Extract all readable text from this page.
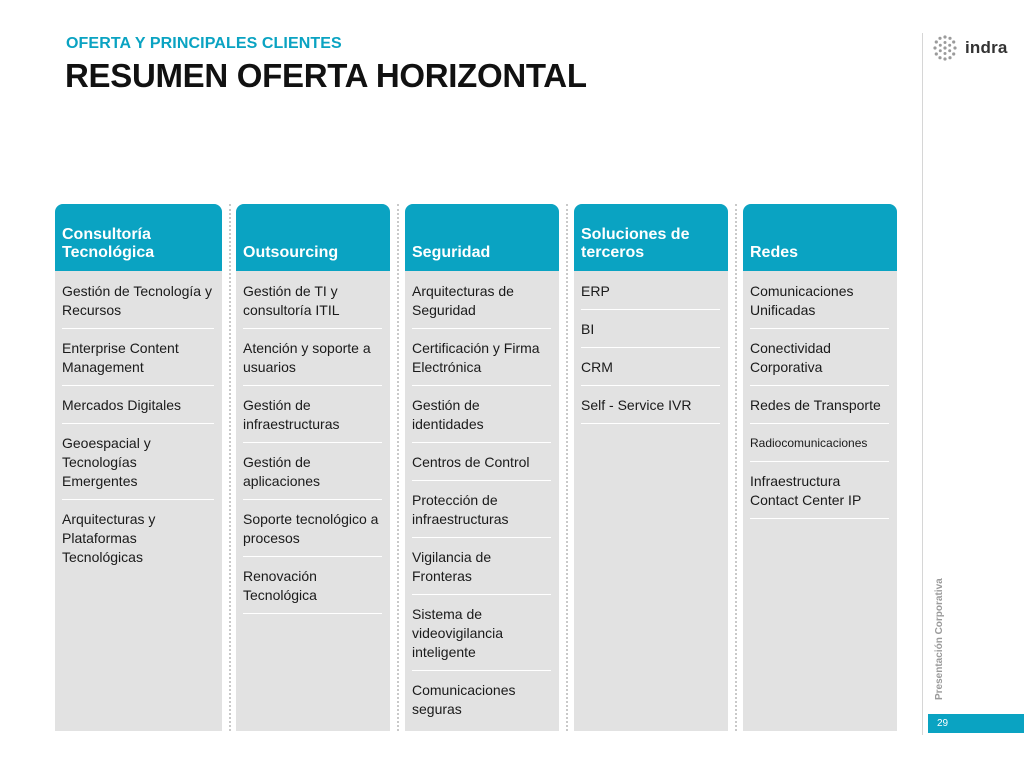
OFERTA Y PRINCIPALES CLIENTES
RESUMEN OFERTA HORIZONTAL
indra
Presentación Corporativa
29
Consultoría Tecnológica
Gestión de Tecnología y Recursos
Enterprise Content Management
Mercados Digitales
Geoespacial y Tecnologías Emergentes
Arquitecturas y Plataformas Tecnológicas
Outsourcing
Gestión de TI y consultoría ITIL
Atención y soporte a usuarios
Gestión de infraestructuras
Gestión de aplicaciones
Soporte tecnológico a procesos
Renovación Tecnológica
Seguridad
Arquitecturas de Seguridad
Certificación y Firma Electrónica
Gestión de identidades
Centros de Control
Protección de infraestructuras
Vigilancia de Fronteras
Sistema de videovigilancia inteligente
Comunicaciones seguras
Soluciones de terceros
ERP
BI
CRM
Self - Service IVR
Redes
Comunicaciones Unificadas
Conectividad Corporativa
Redes de Transporte
Radiocomunicaciones
Infraestructura Contact Center IP
